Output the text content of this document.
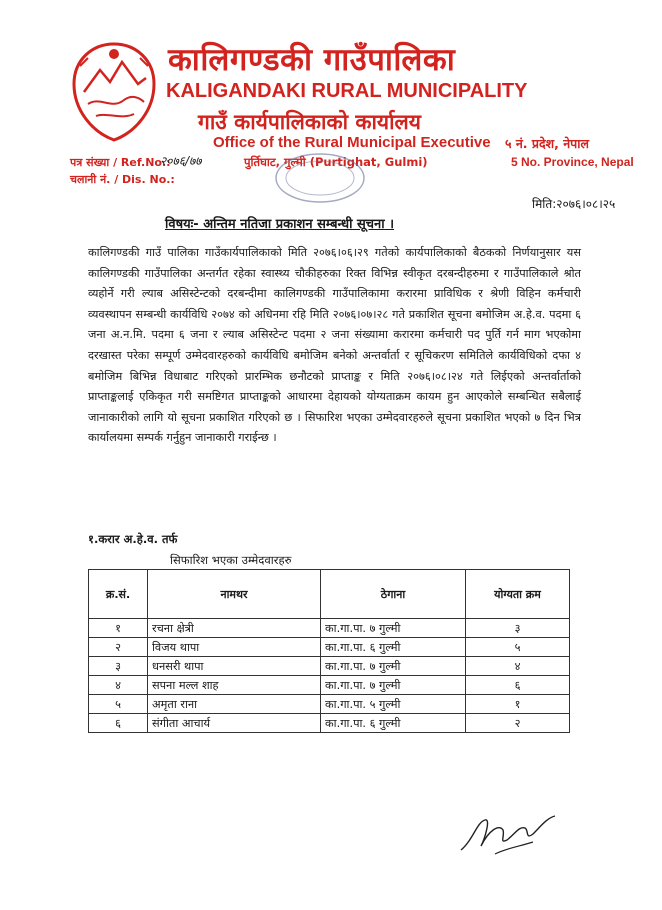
कालिगण्डकी गाउँपालिका
KALIGANDAKI RURAL MUNICIPALITY
गाउँ कार्यपालिकाको कार्यालय
Office of the Rural Municipal Executive
पुर्तिघाट, गुल्मी (Purtighat, Gulmi)
५ नं. प्रदेश, नेपाल
5 No. Province, Nepal
पत्र संख्या / Ref.No.:
२०७६/७७
चलानी नं. / Dis. No.:
मिति:२०७६।०८।२५
विषयः- अन्तिम नतिजा प्रकाशन सम्बन्धी सूचना ।

कालिगण्डकी गाउँ पालिका गाउँकार्यपालिकाको मिति २०७६।०६।२९ गतेको कार्यपालिकाको बैठकको निर्णयानुसार यस कालिगण्डकी गाउँपालिका अन्तर्गत रहेका स्वास्थ्य चौकीहरुका रिक्त विभिन्न स्वीकृत दरबन्दीहरुमा र गाउँपालिकाले श्रोत व्यहोर्ने गरी ल्याब असिस्टेन्टको दरबन्दीमा कालिगण्डकी गाउँपालिकामा करारमा प्राविधिक र श्रेणी विहिन कर्मचारी व्यवस्थापन सम्बन्धी कार्यविधि २०७४ को अधिनमा रहि मिति २०७६।०७।२८ गते प्रकाशित सूचना बमोजिम अ.हे.व. पदमा ६ जना अ.न.मि. पदमा ६ जना र ल्याब असिस्टेन्ट पदमा २ जना संख्यामा करारमा कर्मचारी पद पुर्ति गर्न माग भएकोमा दरखास्त परेका सम्पूर्ण उम्मेदवारहरुको कार्यविधि बमोजिम बनेको अन्तर्वार्ता र सूचिकरण समितिले कार्यविधिको दफा ४ बमोजिम बिभिन्न विधाबाट गरिएको प्रारम्भिक छनौटको प्राप्ताङ्क र मिति २०७६।०८।२४ गते लिईएको अन्तर्वार्ताको प्राप्ताङ्कलाई एकिकृत गरी समष्टिगत प्राप्ताङ्कको आधारमा देहायको योग्यताक्रम कायम हुन आएकोले सम्बन्धित सबैलाई जानाकारीको लागि यो सूचना प्रकाशित गरिएको छ । सिफारिश भएका उम्मेदवारहरुले सूचना प्रकाशित भएको ७ दिन भित्र कार्यालयमा सम्पर्क गर्नुहुन जानाकारी गराईन्छ ।

१.करार अ.हे.व. तर्फ
सिफारिश भएका उम्मेदवारहरु
क्र.सं.	नामथर	ठेगाना	योग्यता क्रम
१	रचना क्षेत्री	का.गा.पा. ७ गुल्मी	३
२	विजय थापा	का.गा.पा. ६ गुल्मी	५
३	धनसरी थापा	का.गा.पा. ७ गुल्मी	४
४	सपना मल्ल शाह	का.गा.पा. ७ गुल्मी	६
५	अमृता राना	का.गा.पा. ५ गुल्मी	१
६	संगीता आचार्य	का.गा.पा. ६ गुल्मी	२
